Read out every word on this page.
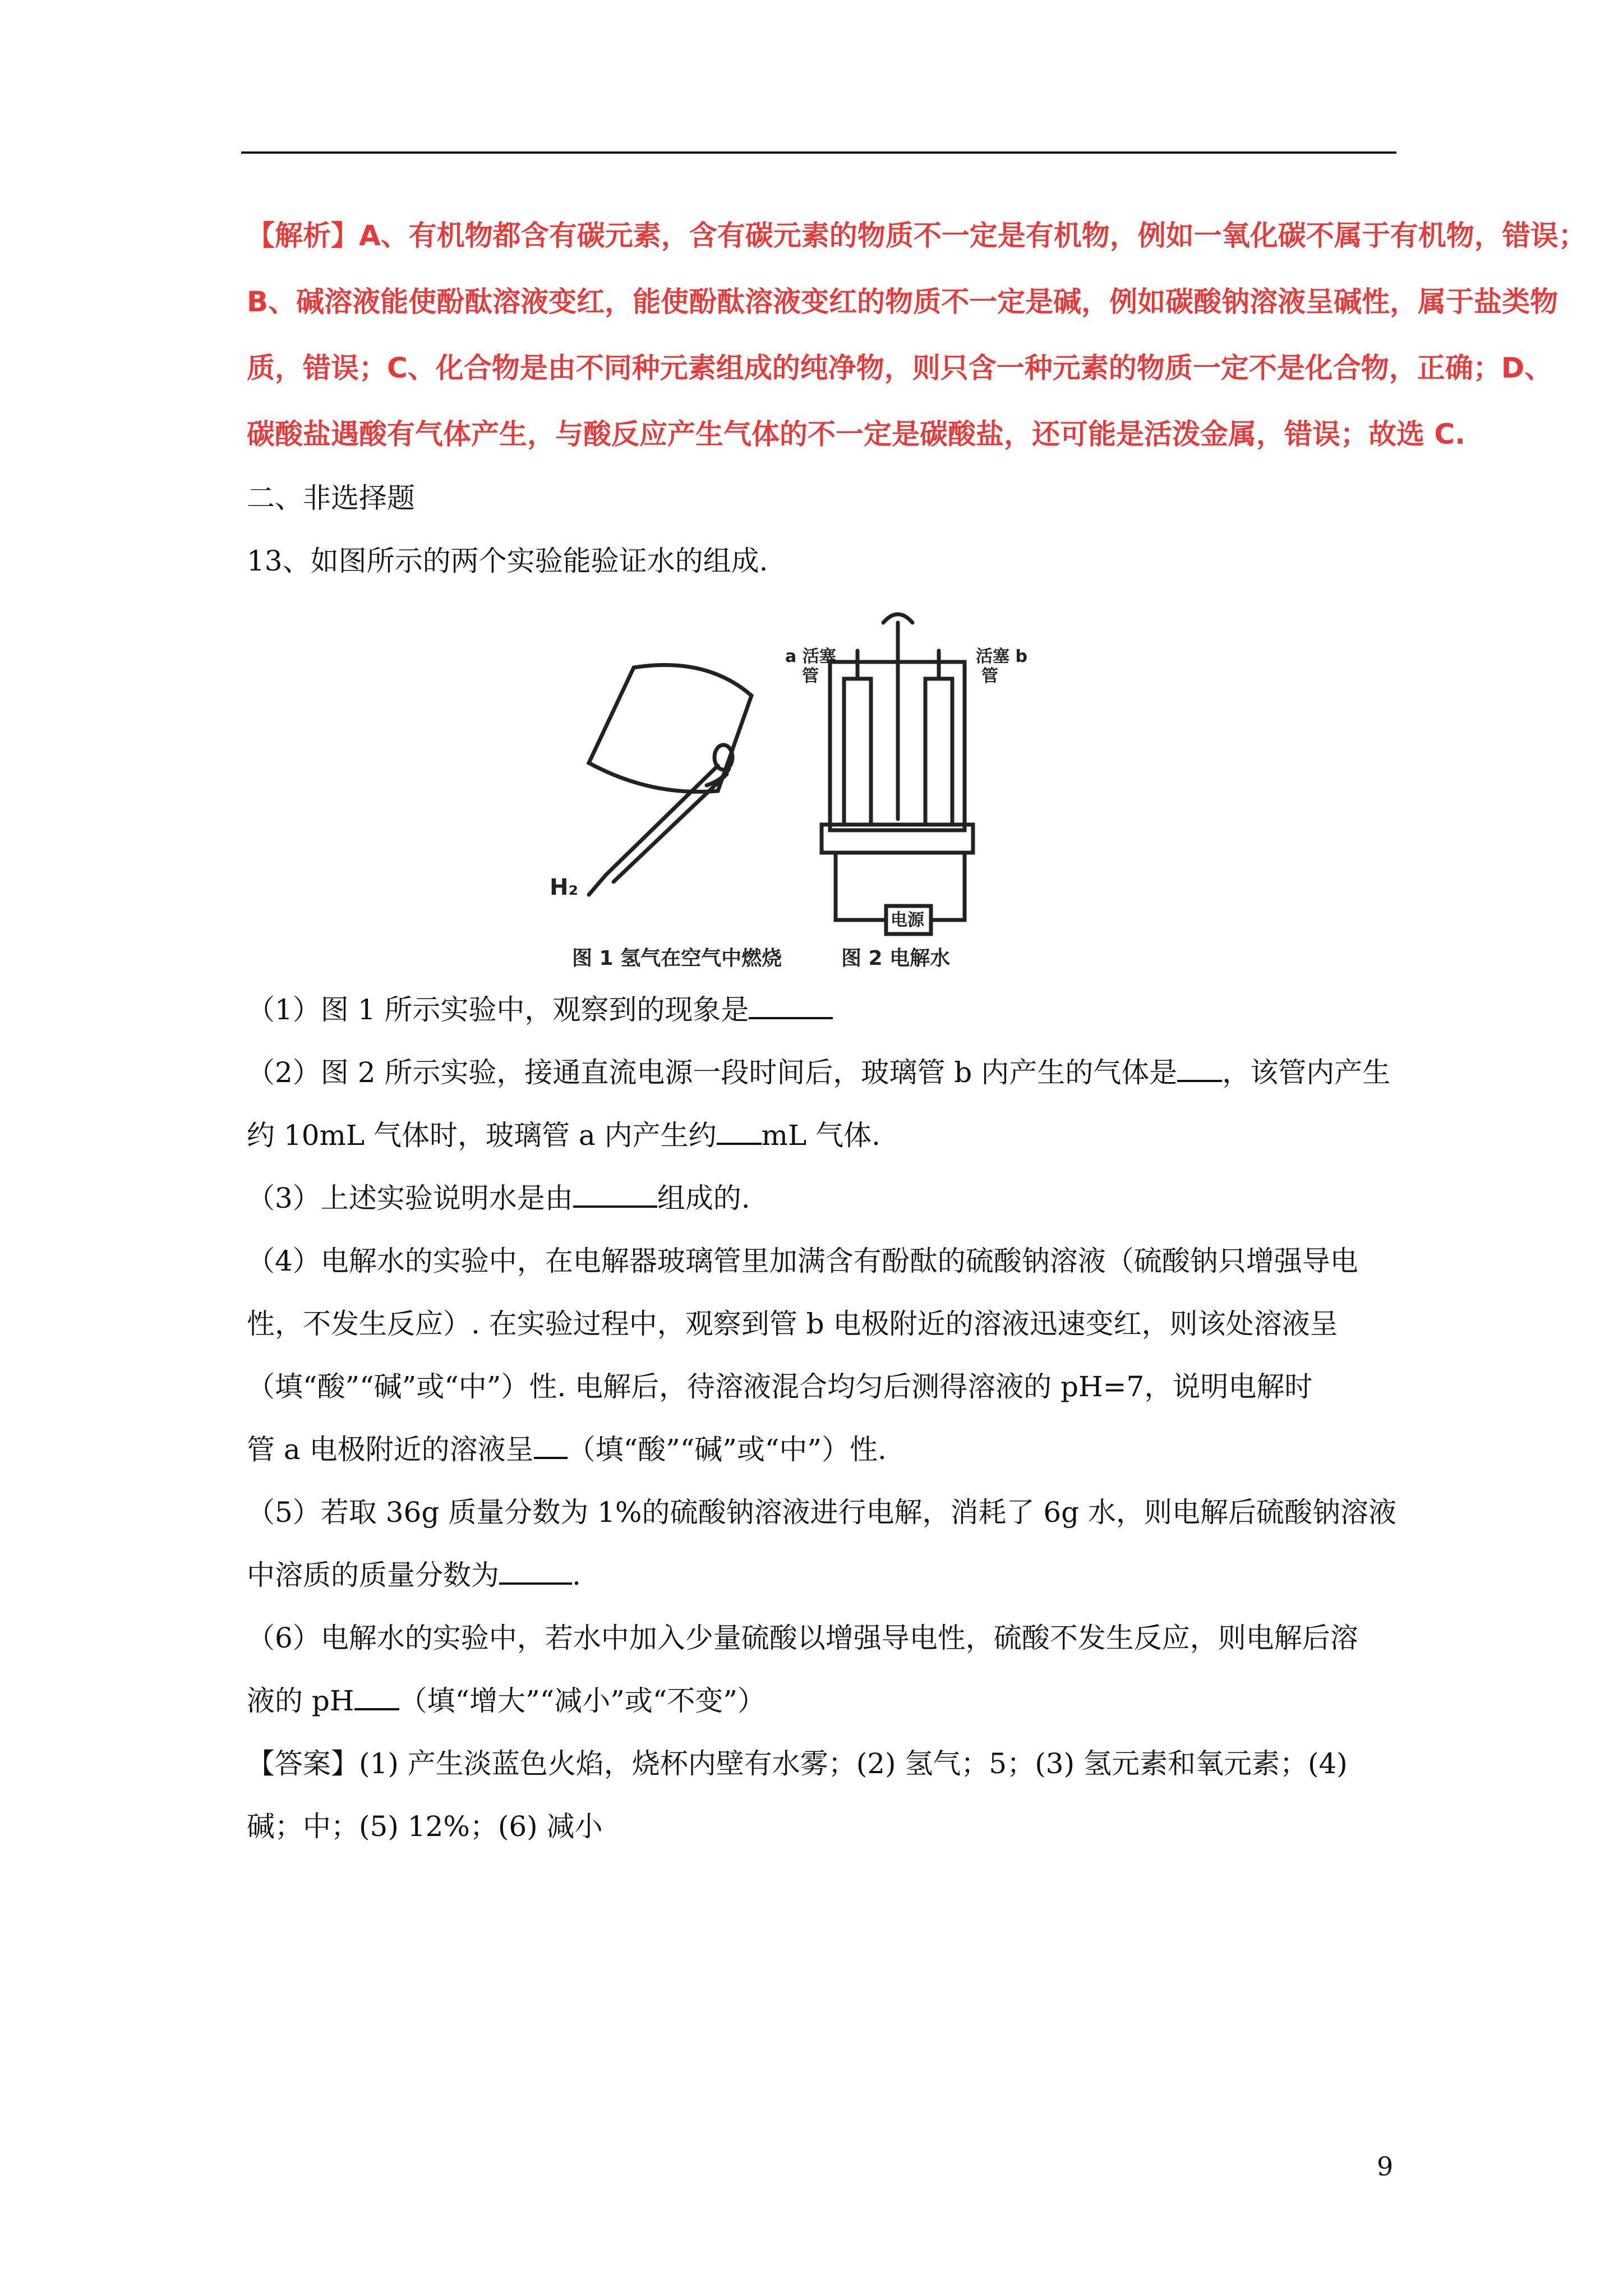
【解析】A、有机物都含有碳元素，含有碳元素的物质不一定是有机物，例如一氧化碳不属于有机物，错误；
B、碱溶液能使酚酞溶液变红，能使酚酞溶液变红的物质不一定是碱，例如碳酸钠溶液呈碱性，属于盐类物
质，错误；C、化合物是由不同种元素组成的纯净物，则只含一种元素的物质一定不是化合物，正确；D、
碳酸盐遇酸有气体产生，与酸反应产生气体的不一定是碳酸盐，还可能是活泼金属，错误；故选 C.
二、非选择题
13、如图所示的两个实验能验证水的组成.
H₂
a 活塞
管
活塞 b
管
电源
图 1 氢气在空气中燃烧	图 2 电解水
（1）图 1 所示实验中，观察到的现象是
（2）图 2 所示实验，接通直流电源一段时间后，玻璃管 b 内产生的气体是 ，该管内产生
约 10mL 气体时，玻璃管 a 内产生约 mL 气体.
（3）上述实验说明水是由	组成的.
（4）电解水的实验中，在电解器玻璃管里加满含有酚酞的硫酸钠溶液（硫酸钠只增强导电
性，不发生反应）. 在实验过程中，观察到管 b 电极附近的溶液迅速变红，则该处溶液呈
（填“酸”“碱”或“中”）性. 电解后，待溶液混合均匀后测得溶液的 pH=7，说明电解时
管 a 电极附近的溶液呈 （填“酸”“碱”或“中”）性.
（5）若取 36g 质量分数为 1%的硫酸钠溶液进行电解，消耗了 6g 水，则电解后硫酸钠溶液
中溶质的质量分数为	.
（6）电解水的实验中，若水中加入少量硫酸以增强导电性，硫酸不发生反应，则电解后溶
液的 pH （填“增大”“减小”或“不变”）
【答案】(1) 产生淡蓝色火焰，烧杯内壁有水雾；(2) 氢气；5；(3) 氢元素和氧元素；(4)
碱；中；(5) 12%；(6) 减小
9
